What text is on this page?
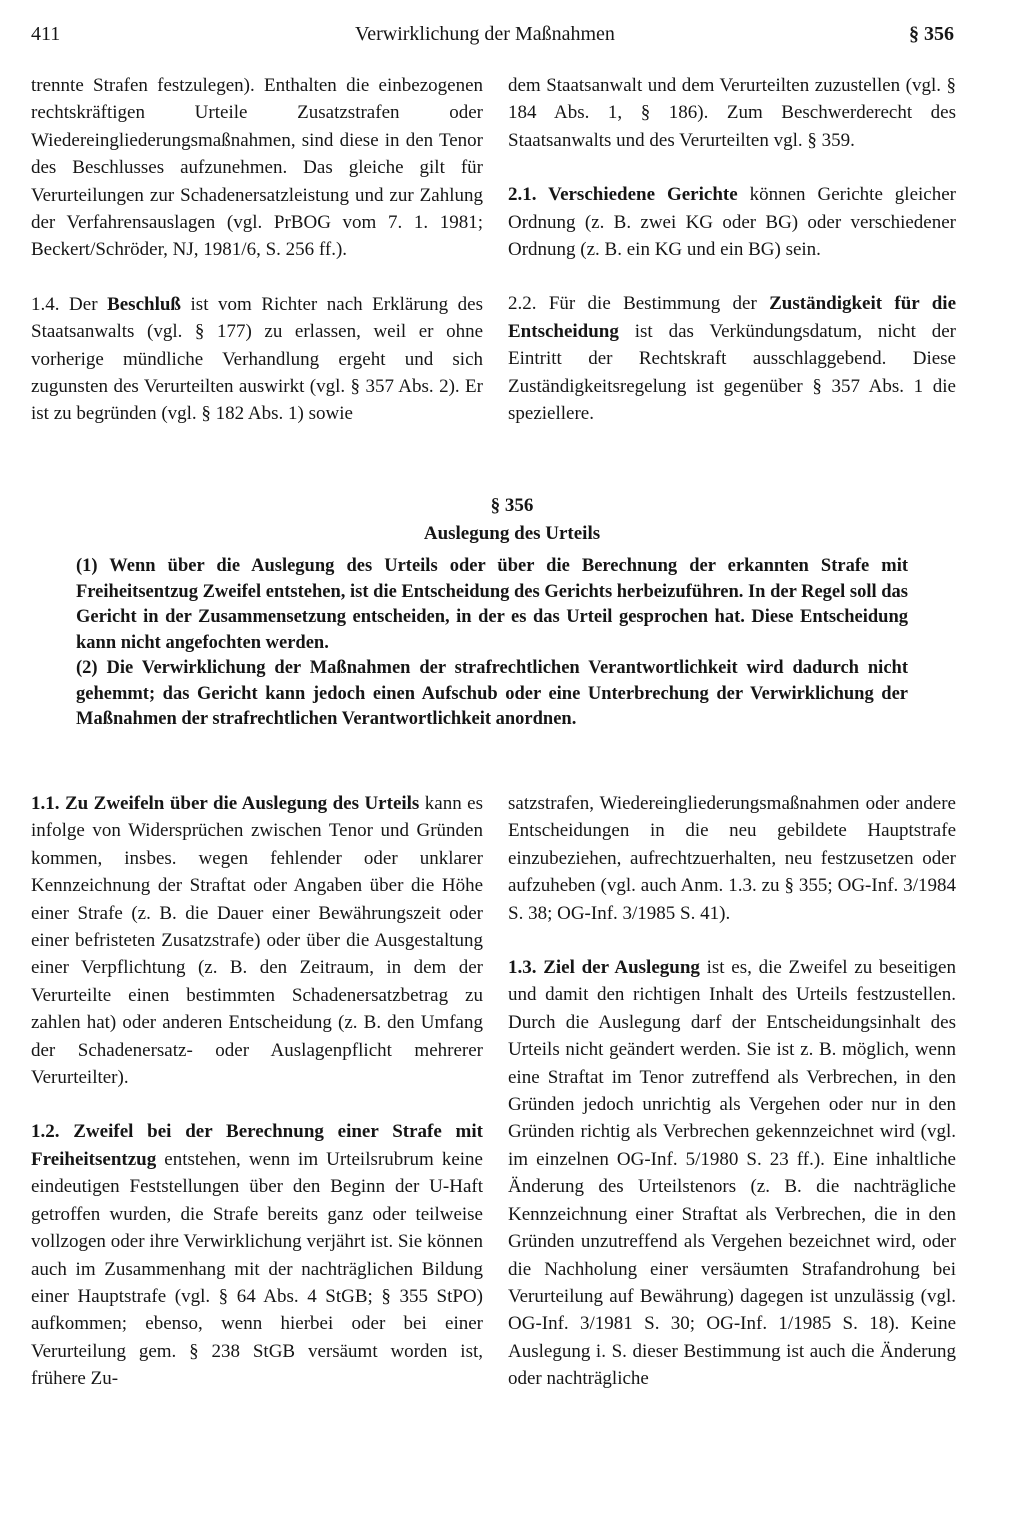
411	Verwirklichung der Maßnahmen	§ 356

trennte Strafen festzulegen). Enthalten die einbezogenen rechtskräftigen Urteile Zusatzstrafen oder Wiedereingliederungsmaßnahmen, sind diese in den Tenor des Beschlusses aufzunehmen. Das gleiche gilt für Verurteilungen zur Schadenersatzleistung und zur Zahlung der Verfahrensauslagen (vgl. PrBOG vom 7. 1. 1981; Beckert/Schröder, NJ, 1981/6, S. 256 ff.).

1.4. Der Beschluß ist vom Richter nach Erklärung des Staatsanwalts (vgl. § 177) zu erlassen, weil er ohne vorherige mündliche Verhandlung ergeht und sich zugunsten des Verurteilten auswirkt (vgl. § 357 Abs. 2). Er ist zu begründen (vgl. § 182 Abs. 1) sowie

dem Staatsanwalt und dem Verurteilten zuzustellen (vgl. § 184 Abs. 1, § 186). Zum Beschwerderecht des Staatsanwalts und des Verurteilten vgl. § 359.

2.1. Verschiedene Gerichte können Gerichte gleicher Ordnung (z. B. zwei KG oder BG) oder verschiedener Ordnung (z. B. ein KG und ein BG) sein.

2.2. Für die Bestimmung der Zuständigkeit für die Entscheidung ist das Verkündungsdatum, nicht der Eintritt der Rechtskraft ausschlaggebend. Diese Zuständigkeitsregelung ist gegenüber § 357 Abs. 1 die speziellere.

§ 356

Auslegung des Urteils

(1) Wenn über die Auslegung des Urteils oder über die Berechnung der erkannten Strafe mit Freiheitsentzug Zweifel entstehen, ist die Entscheidung des Gerichts herbeizuführen. In der Regel soll das Gericht in der Zusammensetzung entscheiden, in der es das Urteil gesprochen hat. Diese Entscheidung kann nicht angefochten werden.

(2) Die Verwirklichung der Maßnahmen der strafrechtlichen Verantwortlichkeit wird dadurch nicht gehemmt; das Gericht kann jedoch einen Aufschub oder eine Unterbrechung der Verwirklichung der Maßnahmen der strafrechtlichen Verantwortlichkeit anordnen.

1.1. Zu Zweifeln über die Auslegung des Urteils kann es infolge von Widersprüchen zwischen Tenor und Gründen kommen, insbes. wegen fehlender oder unklarer Kennzeichnung der Straftat oder Angaben über die Höhe einer Strafe (z. B. die Dauer einer Bewährungszeit oder einer befristeten Zusatzstrafe) oder über die Ausgestaltung einer Verpflichtung (z. B. den Zeitraum, in dem der Verurteilte einen bestimmten Schadenersatzbetrag zu zahlen hat) oder anderen Entscheidung (z. B. den Umfang der Schadenersatz- oder Auslagenpflicht mehrerer Verurteilter).

1.2. Zweifel bei der Berechnung einer Strafe mit Freiheitsentzug entstehen, wenn im Urteilsrubrum keine eindeutigen Feststellungen über den Beginn der U-Haft getroffen wurden, die Strafe bereits ganz oder teilweise vollzogen oder ihre Verwirklichung verjährt ist. Sie können auch im Zusammenhang mit der nachträglichen Bildung einer Hauptstrafe (vgl. § 64 Abs. 4 StGB; § 355 StPO) aufkommen; ebenso, wenn hierbei oder bei einer Verurteilung gem. § 238 StGB versäumt worden ist, frühere Zu-

satzstrafen, Wiedereingliederungsmaßnahmen oder andere Entscheidungen in die neu gebildete Hauptstrafe einzubeziehen, aufrechtzuerhalten, neu festzusetzen oder aufzuheben (vgl. auch Anm. 1.3. zu § 355; OG-Inf. 3/1984 S. 38; OG-Inf. 3/1985 S. 41).

1.3. Ziel der Auslegung ist es, die Zweifel zu beseitigen und damit den richtigen Inhalt des Urteils festzustellen. Durch die Auslegung darf der Entscheidungsinhalt des Urteils nicht geändert werden. Sie ist z. B. möglich, wenn eine Straftat im Tenor zutreffend als Verbrechen, in den Gründen jedoch unrichtig als Vergehen oder nur in den Gründen richtig als Verbrechen gekennzeichnet wird (vgl. im einzelnen OG-Inf. 5/1980 S. 23 ff.). Eine inhaltliche Änderung des Urteilstenors (z. B. die nachträgliche Kennzeichnung einer Straftat als Verbrechen, die in den Gründen unzutreffend als Vergehen bezeichnet wird, oder die Nachholung einer versäumten Strafandrohung bei Verurteilung auf Bewährung) dagegen ist unzulässig (vgl. OG-Inf. 3/1981 S. 30; OG-Inf. 1/1985 S. 18). Keine Auslegung i. S. dieser Bestimmung ist auch die Änderung oder nachträgliche
